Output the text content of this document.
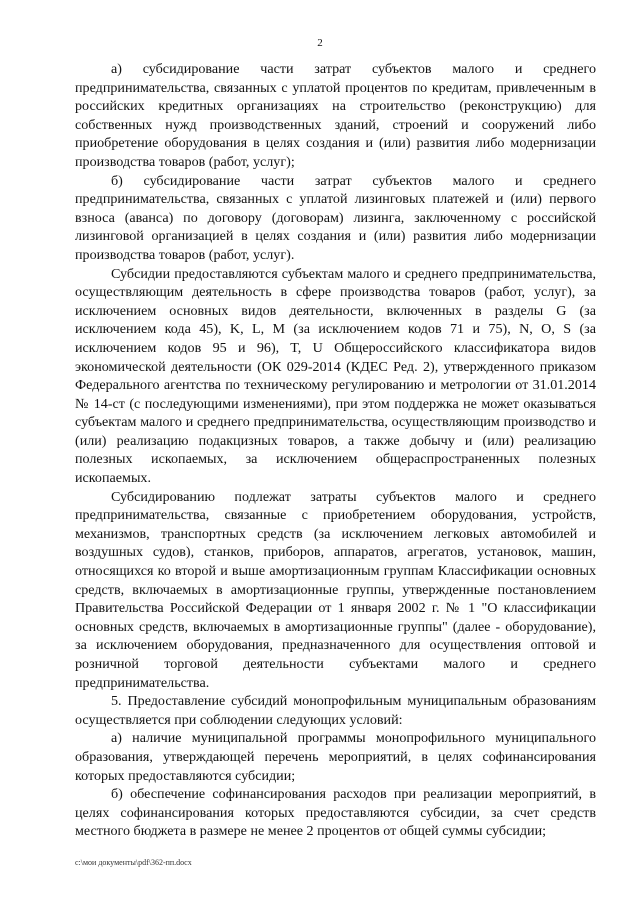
2

а) субсидирование части затрат субъектов малого и среднего предпринимательства, связанных с уплатой процентов по кредитам, привлеченным в российских кредитных организациях на строительство (реконструкцию) для собственных нужд производственных зданий, строений и сооружений либо приобретение оборудования в целях создания и (или) развития либо модернизации производства товаров (работ, услуг);

б) субсидирование части затрат субъектов малого и среднего предпринимательства, связанных с уплатой лизинговых платежей и (или) первого взноса (аванса) по договору (договорам) лизинга, заключенному с российской лизинговой организацией в целях создания и (или) развития либо модернизации производства товаров (работ, услуг).

Субсидии предоставляются субъектам малого и среднего предпринимательства, осуществляющим деятельность в сфере производства товаров (работ, услуг), за исключением основных видов деятельности, включенных в разделы G (за исключением кода 45), K, L, M (за исключением кодов 71 и 75), N, O, S (за исключением кодов 95 и 96), T, U Общероссийского классификатора видов экономической деятельности (ОК 029-2014 (КДЕС Ред. 2), утвержденного приказом Федерального агентства по техническому регулированию и метрологии от 31.01.2014 № 14-ст (с последующими изменениями), при этом поддержка не может оказываться субъектам малого и среднего предпринимательства, осуществляющим производство и (или) реализацию подакцизных товаров, а также добычу и (или) реализацию полезных ископаемых, за исключением общераспространенных полезных ископаемых.

Субсидированию подлежат затраты субъектов малого и среднего предпринимательства, связанные с приобретением оборудования, устройств, механизмов, транспортных средств (за исключением легковых автомобилей и воздушных судов), станков, приборов, аппаратов, агрегатов, установок, машин, относящихся ко второй и выше амортизационным группам Классификации основных средств, включаемых в амортизационные группы, утвержденные постановлением Правительства Российской Федерации от 1 января 2002 г. № 1 "О классификации основных средств, включаемых в амортизационные группы" (далее - оборудование), за исключением оборудования, предназначенного для осуществления оптовой и розничной торговой деятельности субъектами малого и среднего предпринимательства.

5. Предоставление субсидий монопрофильным муниципальным образованиям осуществляется при соблюдении следующих условий:

а) наличие муниципальной программы монопрофильного муниципального образования, утверждающей перечень мероприятий, в целях софинансирования которых предоставляются субсидии;

б) обеспечение софинансирования расходов при реализации мероприятий, в целях софинансирования которых предоставляются субсидии, за счет средств местного бюджета в размере не менее 2 процентов от общей суммы субсидии;

c:\мои документы\pdf\362-пп.docx
